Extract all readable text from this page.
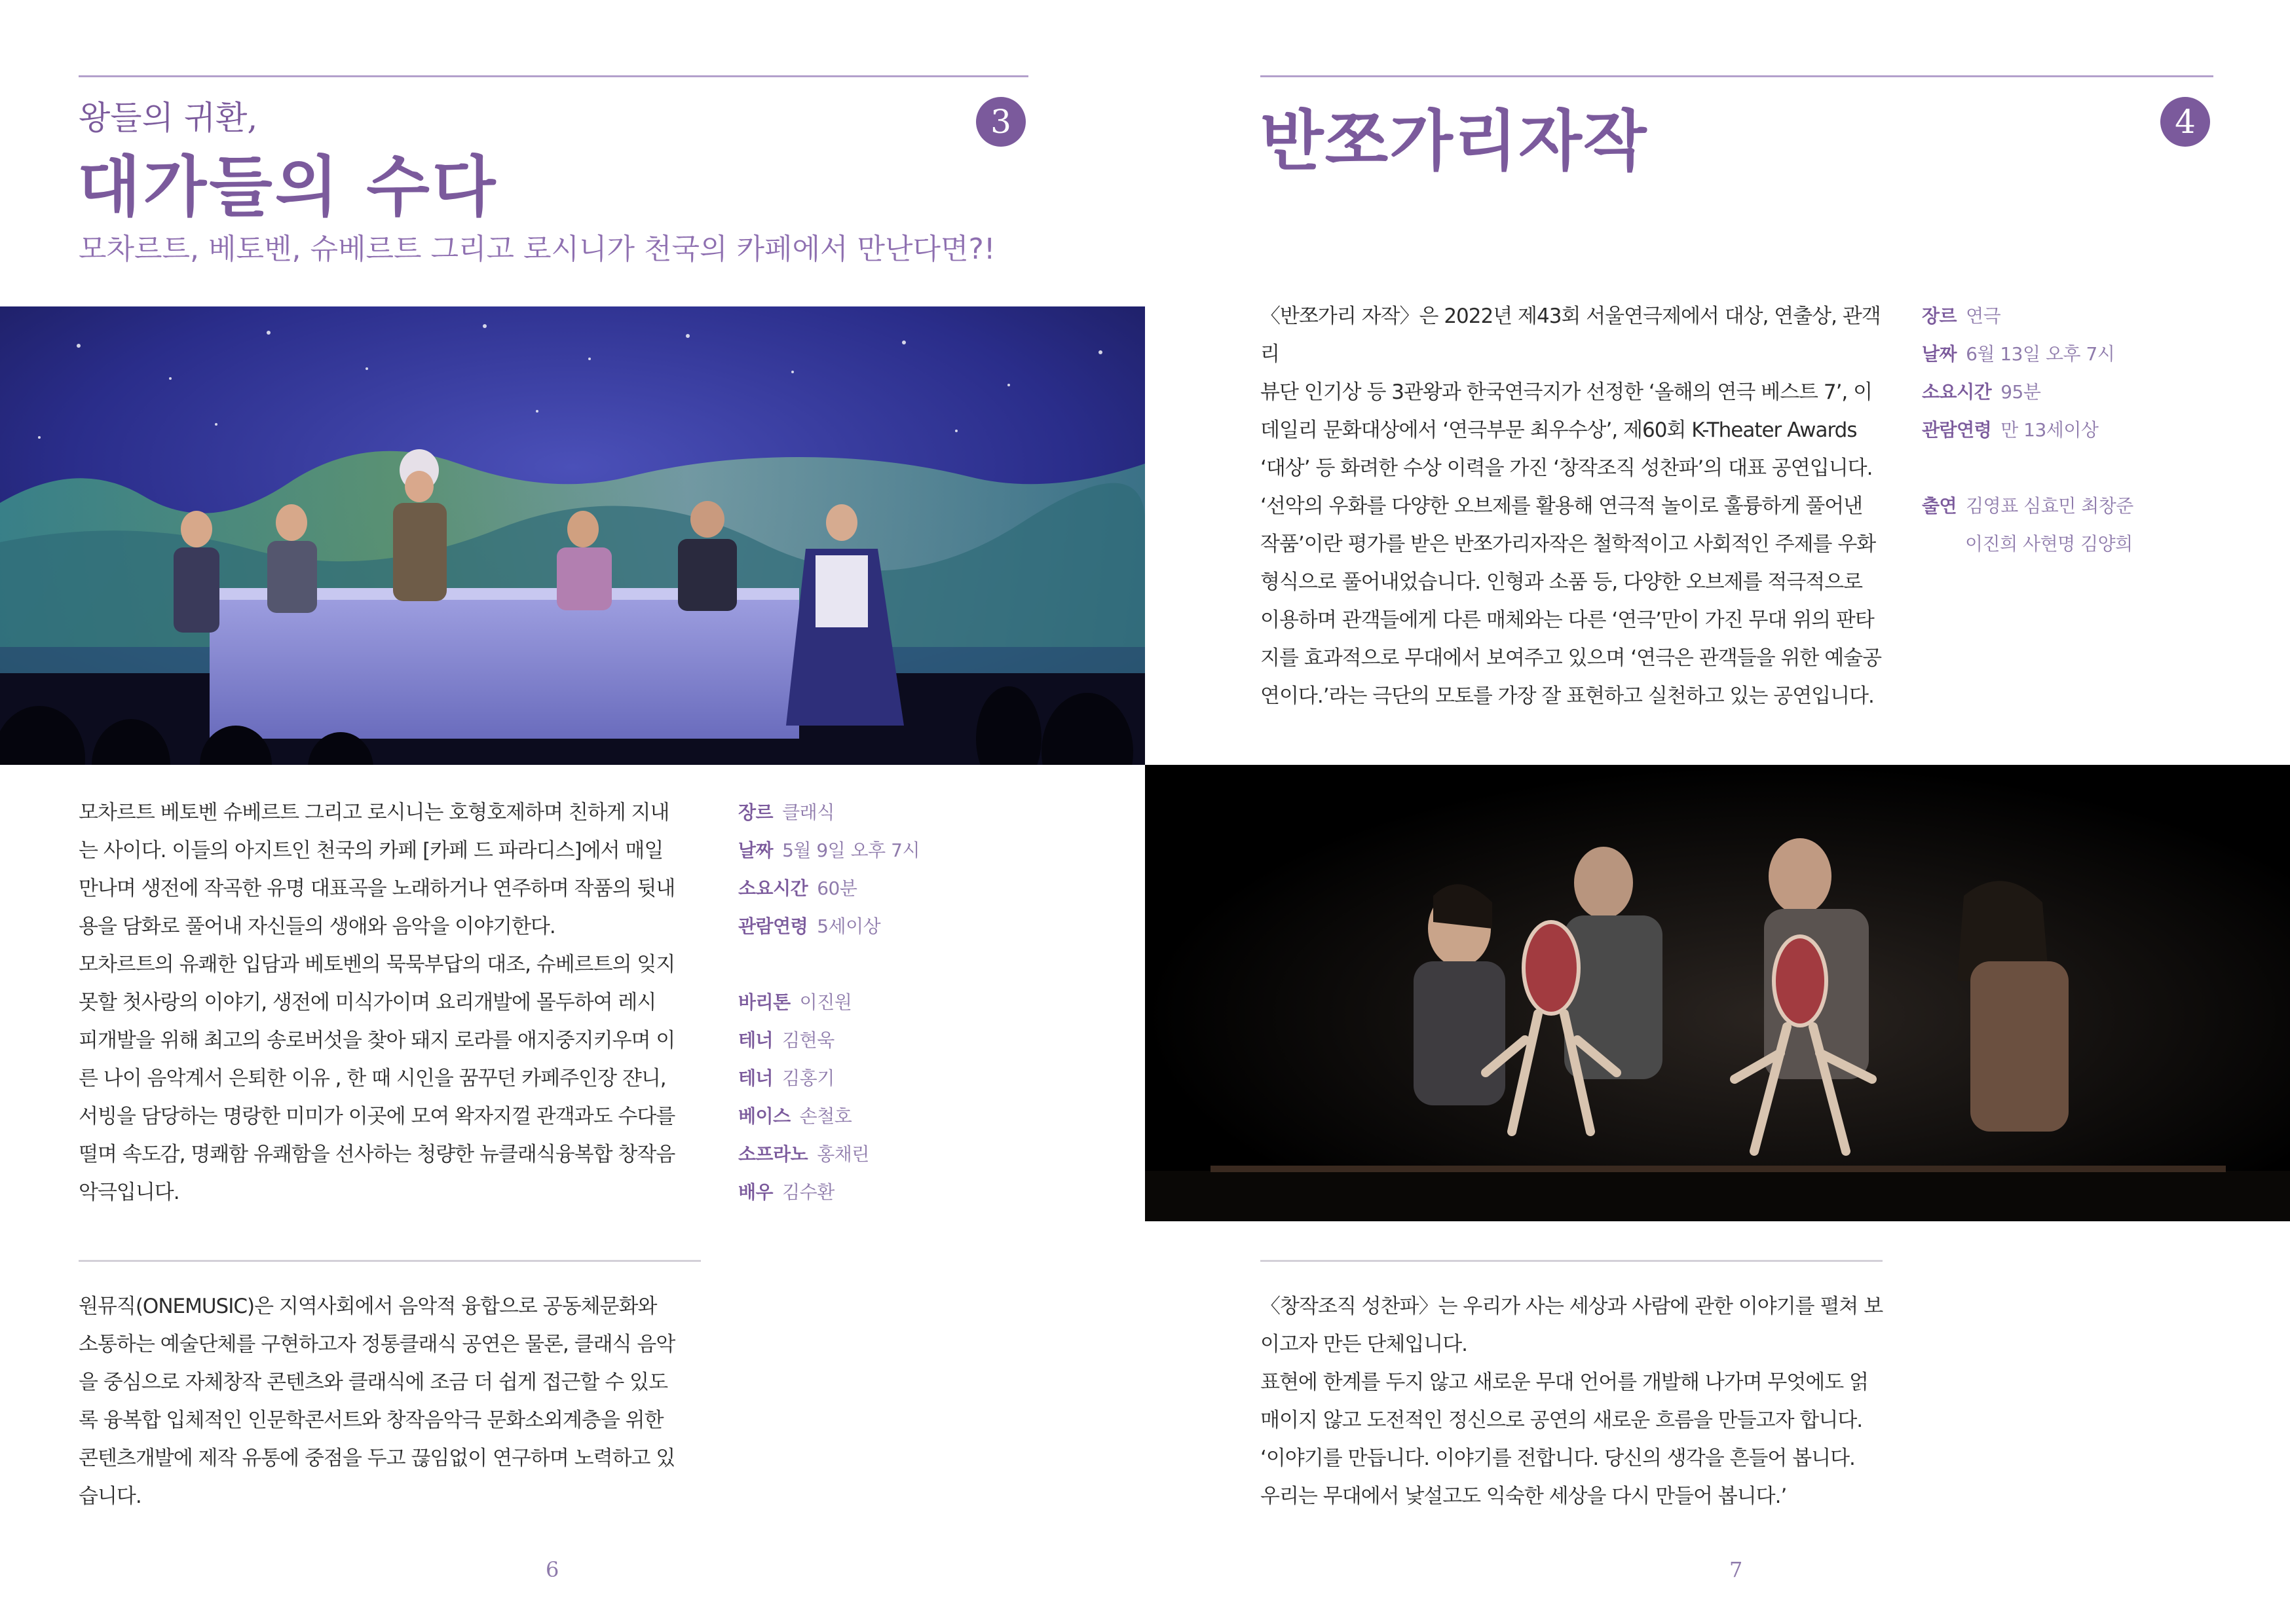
왕들의 귀환,
대가들의 수다
3
모차르트, 베토벤, 슈베르트 그리고 로시니가 천국의 카페에서 만난다면?!

모차르트 베토벤 슈베르트 그리고 로시니는 호형호제하며 친하게 지내

는 사이다. 이들의 아지트인 천국의 카페 [카페 드 파라디스]에서 매일

만나며 생전에 작곡한 유명 대표곡을 노래하거나 연주하며 작품의 뒷내

용을 담화로 풀어내 자신들의 생애와 음악을 이야기한다.

모차르트의 유쾌한 입담과 베토벤의 묵묵부답의 대조, 슈베르트의 잊지

못할 첫사랑의 이야기, 생전에 미식가이며 요리개발에 몰두하여 레시

피개발을 위해 최고의 송로버섯을 찾아 돼지 로라를 애지중지키우며 이

른 나이 음악계서 은퇴한 이유 , 한 때 시인을 꿈꾸던 카페주인장 쟌니,

서빙을 담당하는 명랑한 미미가 이곳에 모여 왁자지껄 관객과도 수다를

떨며 속도감, 명쾌함 유쾌함을 선사하는 청량한 뉴클래식융복합 창작음

악극입니다.

장르 클래식
날짜 5월 9일 오후 7시
소요시간 60분
관람연령 5세이상
바리톤 이진원
테너 김현욱
테너 김홍기
베이스 손철호
소프라노 홍채린
배우 김수환

원뮤직(ONEMUSIC)은 지역사회에서 음악적 융합으로 공동체문화와

소통하는 예술단체를 구현하고자 정통클래식 공연은 물론, 클래식 음악

을 중심으로 자체창작 콘텐츠와 클래식에 조금 더 쉽게 접근할 수 있도

록 융복합 입체적인 인문학콘서트와 창작음악극 문화소외계층을 위한

콘텐츠개발에 제작 유통에 중점을 두고 끊임없이 연구하며 노력하고 있

습니다.

6
반쪼가리자작	4

〈반쪼가리 자작〉은 2022년 제43회 서울연극제에서 대상, 연출상, 관객리

뷰단 인기상 등 3관왕과 한국연극지가 선정한 ‘올해의 연극 베스트 7’, 이

데일리 문화대상에서 ‘연극부문 최우수상’, 제60회 K-Theater Awards

‘대상’ 등 화려한 수상 이력을 가진 ‘창작조직 성찬파’의 대표 공연입니다.

‘선악의 우화를 다양한 오브제를 활용해 연극적 놀이로 훌륭하게 풀어낸

작품’이란 평가를 받은 반쪼가리자작은 철학적이고 사회적인 주제를 우화

형식으로 풀어내었습니다. 인형과 소품 등, 다양한 오브제를 적극적으로

이용하며 관객들에게 다른 매체와는 다른 ‘연극’만이 가진 무대 위의 판타

지를 효과적으로 무대에서 보여주고 있으며 ‘연극은 관객들을 위한 예술공

연이다.’라는 극단의 모토를 가장 잘 표현하고 실천하고 있는 공연입니다.

장르 연극
날짜 6월 13일 오후 7시
소요시간 95분
관람연령 만 13세이상
출연 김영표 심효민 최창준
이진희 사현명 김양희

〈창작조직 성찬파〉는 우리가 사는 세상과 사람에 관한 이야기를 펼쳐 보

이고자 만든 단체입니다.

표현에 한계를 두지 않고 새로운 무대 언어를 개발해 나가며 무엇에도 얽

매이지 않고 도전적인 정신으로 공연의 새로운 흐름을 만들고자 합니다.

‘이야기를 만듭니다. 이야기를 전합니다. 당신의 생각을 흔들어 봅니다.

우리는 무대에서 낯설고도 익숙한 세상을 다시 만들어 봅니다.’

7
